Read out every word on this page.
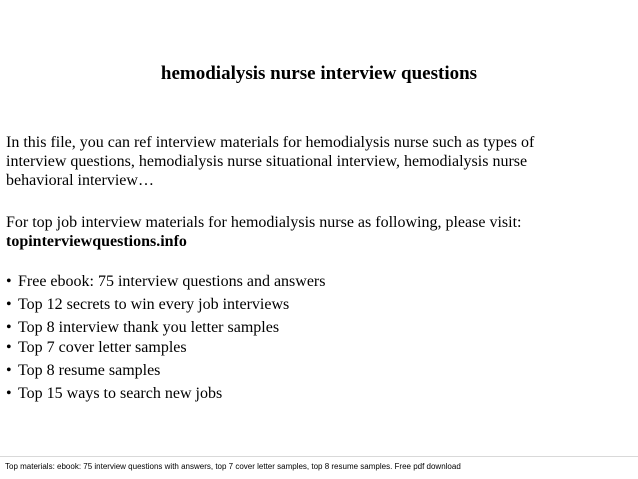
hemodialysis nurse interview questions

In this file, you can ref interview materials for hemodialysis nurse such as types of

interview questions, hemodialysis nurse situational interview, hemodialysis nurse

behavioral interview…

For top job interview materials for hemodialysis nurse as following, please visit:

topinterviewquestions.info

• Free ebook: 75 interview questions and answers
• Top 12 secrets to win every job interviews
• Top 8 interview thank you letter samples
• Top 7 cover letter samples
• Top 8 resume samples
• Top 15 ways to search new jobs
Top materials: ebook: 75 interview questions with answers, top 7 cover letter samples, top 8 resume samples. Free pdf download
